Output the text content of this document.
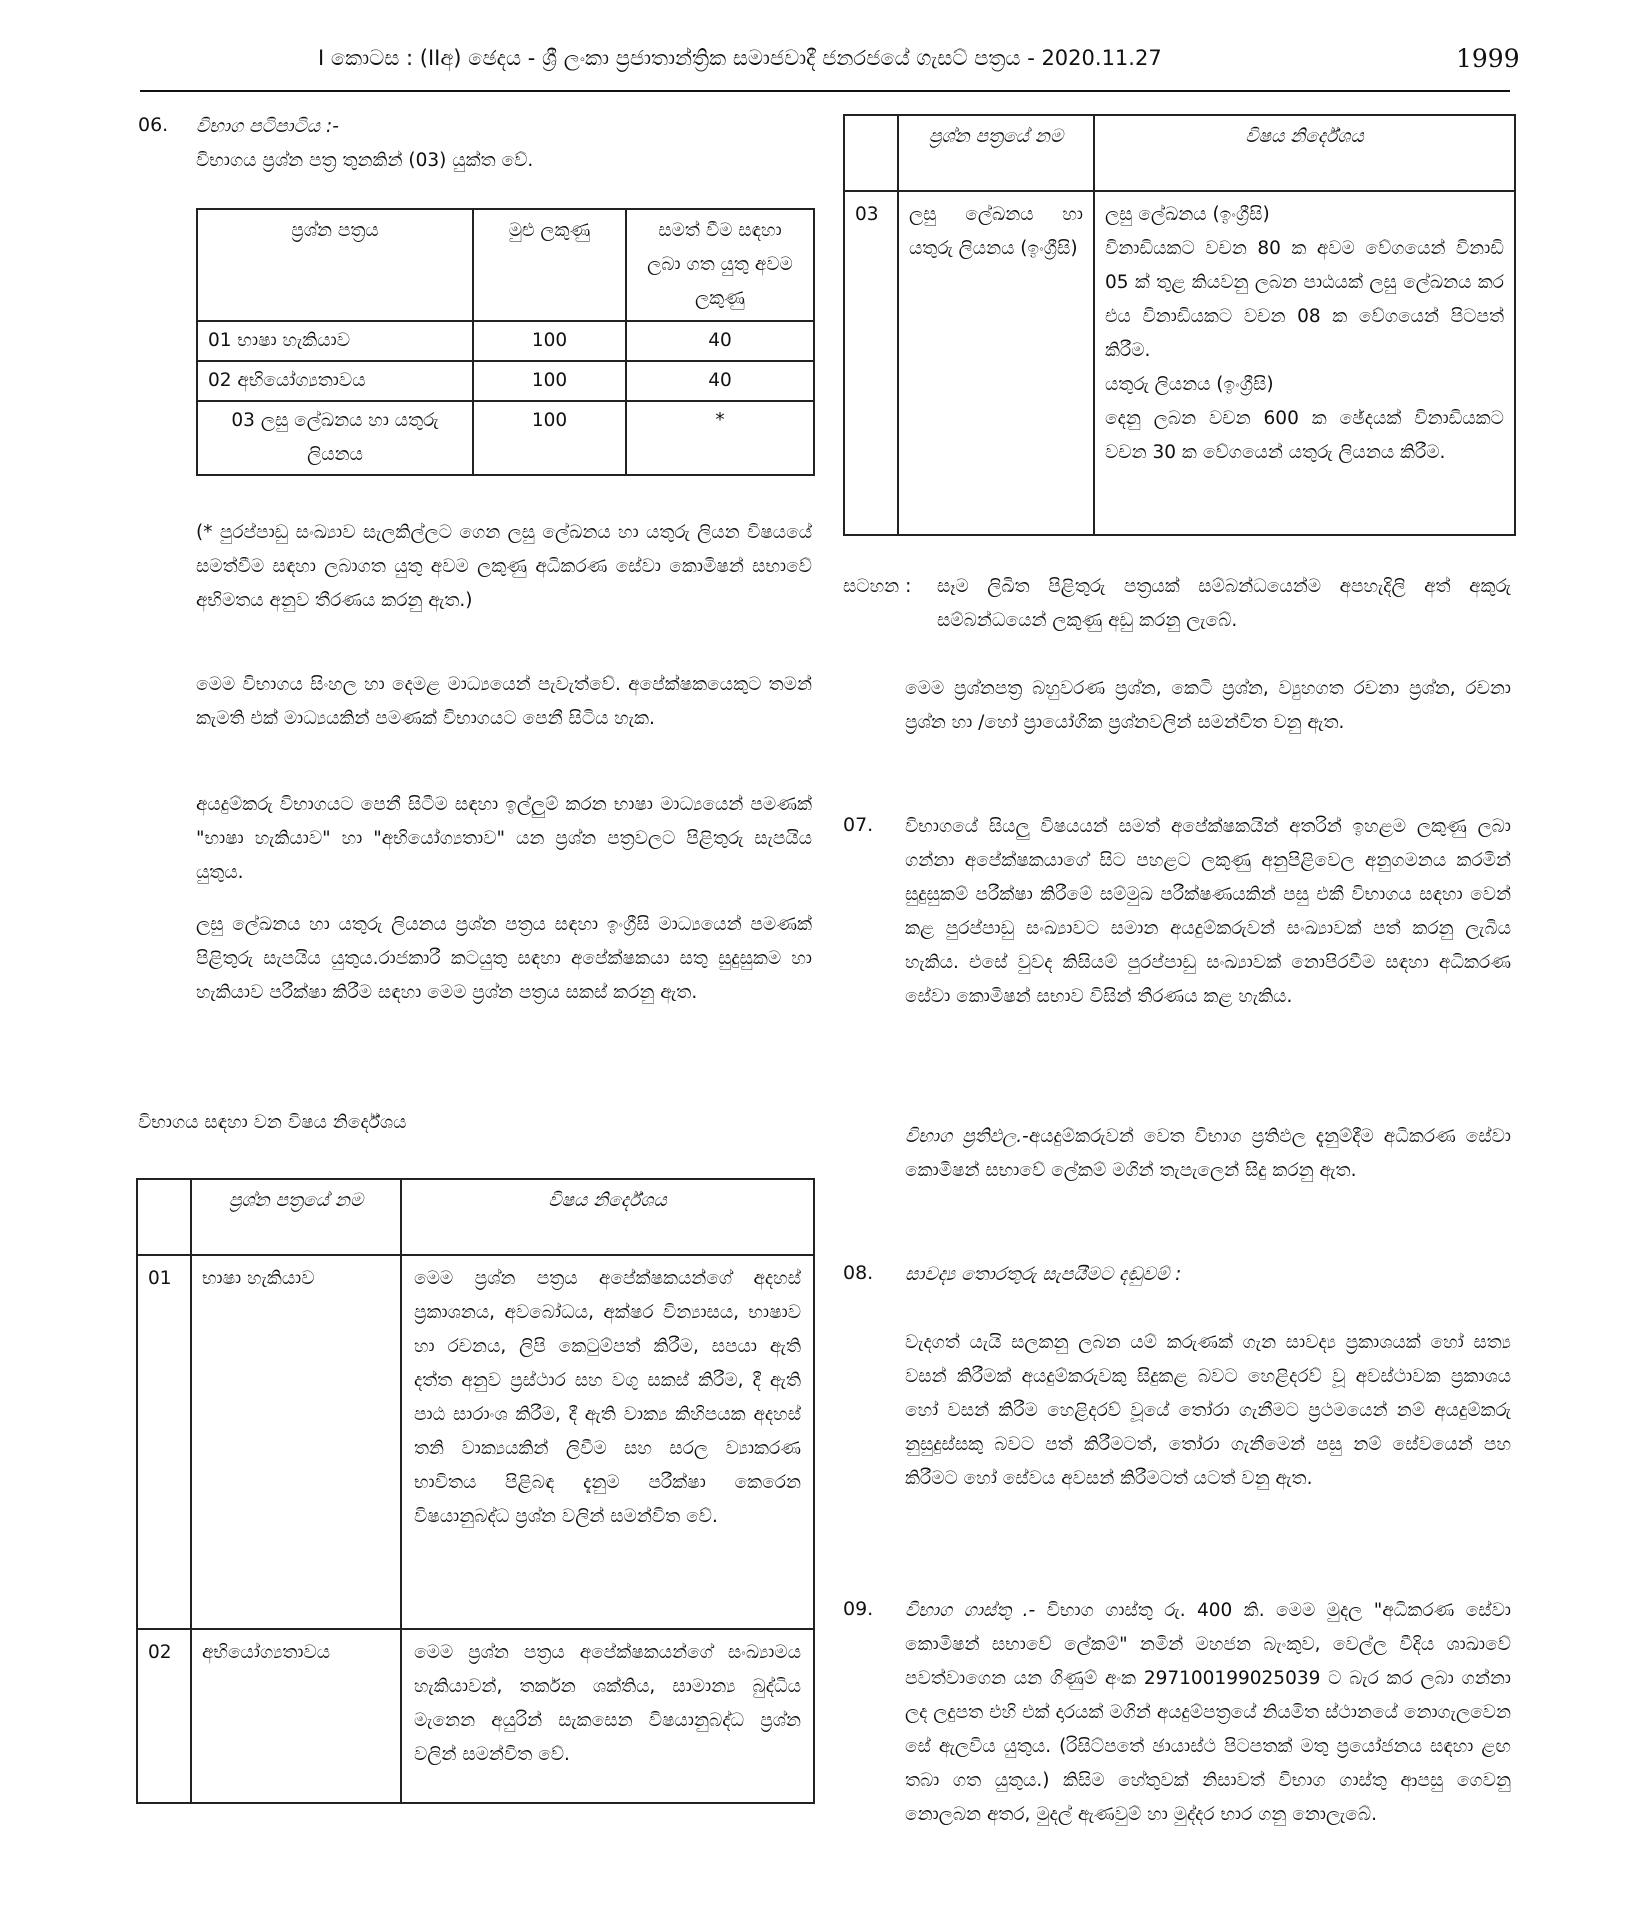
I කොටස : (IIඅ) ඡෙදය - ශ්‍රී ලංකා ප්‍රජාතාන්ත්‍රික සමාජවාදී ජනරජයේ ගැසට් පත්‍රය - 2020.11.27	1999
06. විභාග පටිපාටිය :-
විභාගය ප්‍රශ්න පත්‍ර තුනකින් (03) යුක්ත වේ.
ප්‍රශ්න පත්‍රය	මුළු ලකුණු	සමත් වීම සඳහා ලබා ගත යුතු අවම ලකුණු
01 භාෂා හැකියාව	100	40
02 අභියෝග්‍යතාවය	100	40
03 ලසු ලේඛනය හා යතුරු ලියනය	100	*
(* පුරප්පාඩු සංඛ්‍යාව සැලකිල්ලට ගෙන ලසු ලේඛනය හා යතුරු ලියන විෂයයේ සමත්වීම සඳහා ලබාගත යුතු අවම ලකුණු අධිකරණ සේවා කොමිෂන් සභාවේ අභිමතය අනුව තීරණය කරනු ඇත.)
මෙම විභාගය සිංහල හා දෙමළ මාධ්‍යයෙන් පැවැත්වේ. අපේක්ෂකයෙකුට තමන් කැමති එක් මාධ්‍යයකින් පමණක් විභාගයට පෙනී සිටිය හැක.
අයදුම්කරු විභාගයට පෙනී සිටීම සඳහා ඉල්ලුම් කරන භාෂා මාධ්‍යයෙන් පමණක් "භාෂා හැකියාව" හා "අභියෝග්‍යතාව" යන ප්‍රශ්න පත්‍රවලට පිළිතුරු සැපයිය යුතුය.
ලසු ලේඛනය හා යතුරු ලියනය ප්‍රශ්න පත්‍රය සඳහා ඉංග්‍රීසි මාධ්‍යයෙන් පමණක් පිළිතුරු සැපයිය යුතුය.රාජකාරී කටයුතු සඳහා අපේක්ෂකයා සතු සුදුසුකම හා හැකියාව පරීක්ෂා කිරීම සඳහා මෙම ප්‍රශ්න පත්‍රය සකස් කරනු ඇත.
විභාගය සඳහා වන විෂය නිර්දේශය
	ප්‍රශ්න පත්‍රයේ නම	විෂය නිර්දේශය
01	භාෂා හැකියාව	මෙම ප්‍රශ්න පත්‍රය අපේක්ෂකයන්ගේ අදහස් ප්‍රකාශනය, අවබෝධය, අක්ෂර වින්‍යාසය, භාෂාව හා රචනය, ලිපි කෙටුම්පත් කිරීම, සපයා ඇති දත්ත අනුව ප්‍රස්ථාර සහ වගු සකස් කිරීම, දී ඇති පාඨ සාරාංශ කිරීම, දී ඇති වාක්‍ය කිහිපයක අදහස් තනි වාක්‍යයකින් ලිවීම සහ සරල ව්‍යාකරණ භාවිතය පිළිබඳ දැනුම පරීක්ෂා කෙරෙන විෂයානුබද්ධ ප්‍රශ්න වලින් සමන්විත වේ.
02	අභියෝග්‍යතාවය	මෙම ප්‍රශ්න පත්‍රය අපේක්ෂකයන්ගේ සංඛ්‍යාමය හැකියාවන්, තර්කන ශක්තිය, සාමාන්‍ය බුද්ධිය මැනෙන අයුරින් සැකසෙන විෂයානුබද්ධ ප්‍රශ්න වලින් සමන්විත වේ.
	ප්‍රශ්න පත්‍රයේ නම	විෂය නිර්දේශය
03	ලසු ලේඛනය හා යතුරු ලියනය (ඉංග්‍රීසි)	ලසු ලේඛනය (ඉංග්‍රීසි)
විනාඩියකට වචන 80 ක අවම වේගයෙන් විනාඩි 05 ක් තුළ කියවනු ලබන පාඨයක් ලසු ලේඛනය කර එය විනාඩියකට වචන 08 ක වේගයෙන් පිටපත් කිරීම.
යතුරු ලියනය (ඉංග්‍රීසි)
දෙනු ලබන වචන 600 ක ඡේදයක් විනාඩියකට වචන 30 ක වේගයෙන් යතුරු ලියනය කිරීම.
සටහන :	සෑම ලිඛිත පිළිතුරු පත්‍රයක් සම්බන්ධයෙන්ම අපහැදිලි අත් අකුරු සම්බන්ධයෙන් ලකුණු අඩු කරනු ලැබේ.
මෙම ප්‍රශ්නපත්‍ර බහුවරණ ප්‍රශ්න, කෙටි ප්‍රශ්න, ව්‍යුහගත රචනා ප්‍රශ්න, රචනා ප්‍රශ්න හා /හෝ ප්‍රායෝගික ප්‍රශ්නවලින් සමන්විත වනු ඇත.
07. විභාගයේ සියලු විෂයයන් සමත් අපේක්ෂකයින් අතරින් ඉහළම ලකුණු ලබා ගන්නා අපේක්ෂකයාගේ සිට පහළට ලකුණු අනුපිළිවෙල අනුගමනය කරමින් සුදුසුකම් පරීක්ෂා කිරීමේ සම්මුඛ පරීක්ෂණයකින් පසු එකී විභාගය සඳහා වෙන් කළ පුරප්පාඩු සංඛ්‍යාවට සමාන අයදුම්කරුවන් සංඛ්‍යාවක් පත් කරනු ලැබිය හැකිය. එසේ වුවද කිසියම් පුරප්පාඩු සංඛ්‍යාවක් නොපිරවීම සඳහා අධිකරණ සේවා කොමිෂන් සභාව විසින් තීරණය කළ හැකිය.
විභාග ප්‍රතිඵල.-අයදුම්කරුවන් වෙත විභාග ප්‍රතිඵල දැනුම්දීම අධිකරණ සේවා කොමිෂන් සභාවේ ලේකම් මගින් තැපැලෙන් සිදු කරනු ඇත.
08. සාවද්‍ය තොරතුරු සැපයීමට දඬුවම් :
වැදගත් යැයි සලකනු ලබන යම් කරුණක් ගැන සාවද්‍ය ප්‍රකාශයක් හෝ සත්‍ය වසන් කිරීමක් අයදුම්කරුවකු සිදුකළ බවට හෙළිදරව් වූ අවස්ථාවක ප්‍රකාශය හෝ වසන් කිරීම හෙළිදරව් වූයේ තෝරා ගැනීමට ප්‍රථමයෙන් නම් අයදුම්කරු නුසුදුස්සකු බවට පත් කිරීමටත්, තෝරා ගැනීමෙන් පසු නම් සේවයෙන් පහ කිරීමට හෝ සේවය අවසන් කිරීමටත් යටත් වනු ඇත.
09. විභාග ගාස්තු .- විභාග ගාස්තු රු. 400 කි. මෙම මුදල "අධිකරණ සේවා කොමිෂන් සභාවේ ලේකම්" නමින් මහජන බැංකුව, වෙල්ල වීදිය ශාඛාවේ පවත්වාගෙන යන ගිණුම් අංක 297100199025039 ට බැර කර ලබා ගන්නා ලද ලදුපත එහි එක් දාරයක් මගින් අයදුම්පත්‍රයේ නියමිත ස්ථානයේ නොගැලවෙන සේ ඇලවිය යුතුය. (රිසිට්පතේ ඡායාස්ථ පිටපතක් මතු ප්‍රයෝජනය සඳහා ළඟ තබා ගත යුතුය.) කිසිම හේතුවක් නිසාවත් විභාග ගාස්තු ආපසු ගෙවනු නොලබන අතර, මුදල් ඇණවුම් හා මුද්දර භාර ගනු නොලැබේ.
